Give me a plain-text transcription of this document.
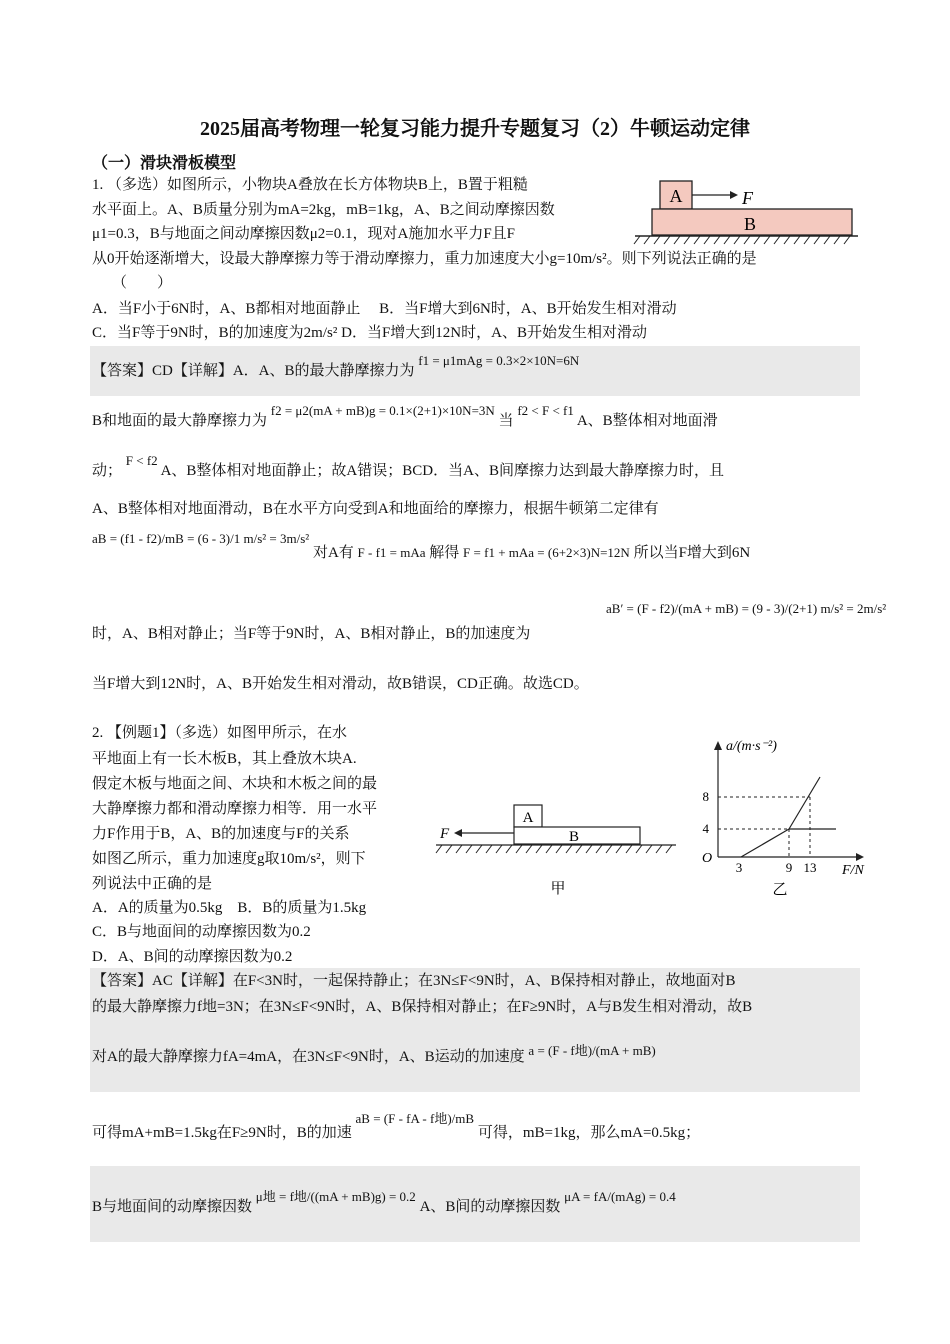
2025届高考物理一轮复习能力提升专题复习（2）牛顿运动定律
（一）滑块滑板模型
1. （多选）如图所示，小物块A叠放在长方体物块B上，B置于粗糙
水平面上。A、B质量分别为mA=2kg，mB=1kg，A、B之间动摩擦因数
μ1=0.3，B与地面之间动摩擦因数μ2=0.1，现对A施加水平力F且F
从0开始逐渐增大，设最大静摩擦力等于滑动摩擦力，重力加速度大小g=10m/s²。则下列说法正确的是
（　　）
A．当F小于6N时，A、B都相对地面静止　 B．当F增大到6N时，A、B开始发生相对滑动
C．当F等于9N时，B的加速度为2m/s² D．当F增大到12N时，A、B开始发生相对滑动
A	F
B
【答案】CD【详解】A．A、B的最大静摩擦力为 f1 = μ1mAg = 0.3×2×10N=6N
B和地面的最大静摩擦力为 f2 = μ2(mA + mB)g = 0.1×(2+1)×10N=3N 当 f2 < F < f1 A、B整体相对地面滑
动； F < f2 A、B整体相对地面静止；故A错误；BCD．当A、B间摩擦力达到最大静摩擦力时，且
A、B整体相对地面滑动，B在水平方向受到A和地面给的摩擦力，根据牛顿第二定律有
aB = (f1 - f2)/mB = (6 - 3)/1 m/s² = 3m/s² 对A有 F - f1 = mAa 解得 F = f1 + mAa = (6+2×3)N=12N 所以当F增大到6N
aB′ = (F - f2)/(mA + mB) = (9 - 3)/(2+1) m/s² = 2m/s²
时，A、B相对静止；当F等于9N时，A、B相对静止，B的加速度为
当F增大到12N时，A、B开始发生相对滑动，故B错误，CD正确。故选CD。
2. 【例题1】（多选）如图甲所示，在水
平地面上有一长木板B，其上叠放木块A.
假定木板与地面之间、木块和木板之间的最
大静摩擦力都和滑动摩擦力相等．用一水平
力F作用于B，A、B的加速度与F的关系
如图乙所示，重力加速度g取10m/s²，则下
列说法中正确的是
A．A的质量为0.5kg　B．B的质量为1.5kg
C．B与地面间的动摩擦因数为0.2
D．A、B间的动摩擦因数为0.2
A
B
F
甲
a/(m·s⁻²)
F/N
O
3	9 13
4
8
乙
【答案】AC【详解】在F<3N时，一起保持静止；在3N≤F<9N时，A、B保持相对静止，故地面对B
的最大静摩擦力f地=3N；在3N≤F<9N时，A、B保持相对静止；在F≥9N时，A与B发生相对滑动，故B
对A的最大静摩擦力fA=4mA，在3N≤F<9N时，A、B运动的加速度 a = (F - f地)/(mA + mB)
可得mA+mB=1.5kg在F≥9N时，B的加速 aB = (F - fA - f地)/mB 可得，mB=1kg，那么mA=0.5kg；
B与地面间的动摩擦因数 μ地 = f地/((mA + mB)g) = 0.2 A、B间的动摩擦因数 μA = fA/(mAg) = 0.4
